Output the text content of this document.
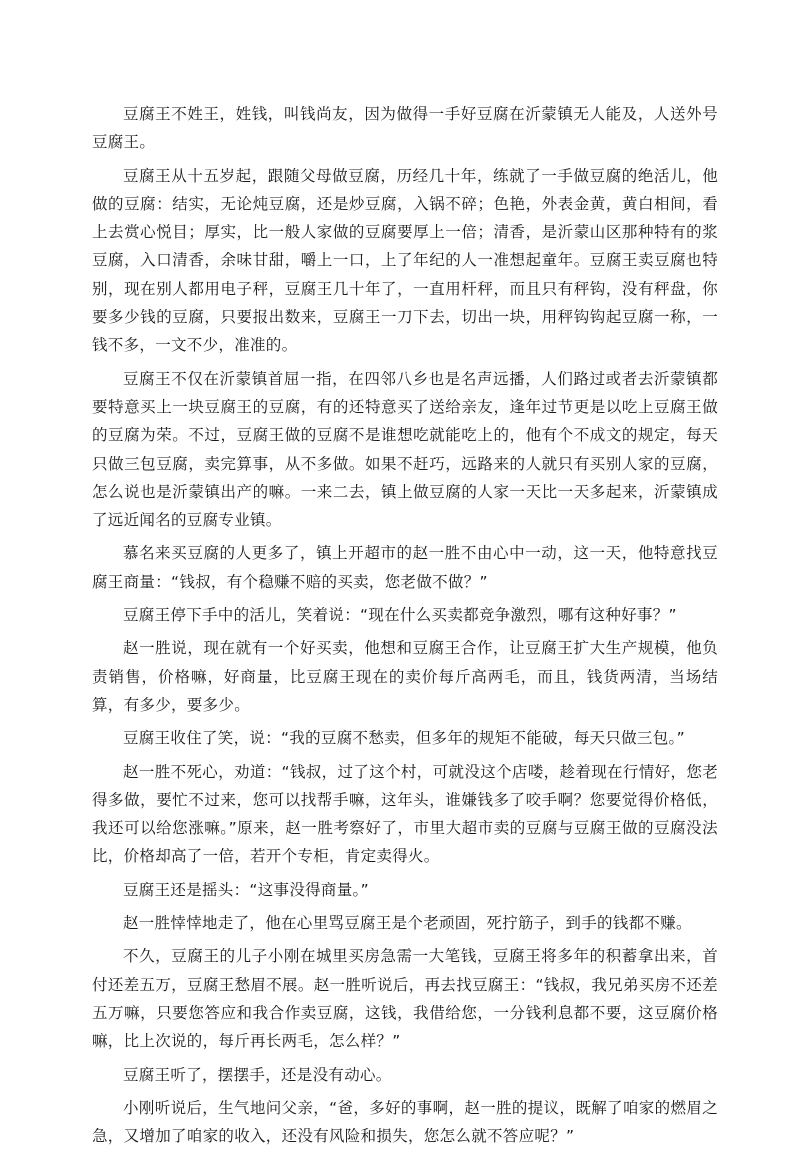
豆腐王不姓王，姓钱，叫钱尚友，因为做得一手好豆腐在沂蒙镇无人能及，人送外号豆腐王。

豆腐王从十五岁起，跟随父母做豆腐，历经几十年，练就了一手做豆腐的绝活儿，他做的豆腐：结实，无论炖豆腐，还是炒豆腐，入锅不碎；色艳，外表金黄，黄白相间，看上去赏心悦目；厚实，比一般人家做的豆腐要厚上一倍；清香，是沂蒙山区那种特有的浆豆腐，入口清香，余味甘甜，嚼上一口，上了年纪的人一准想起童年。豆腐王卖豆腐也特别，现在别人都用电子秤，豆腐王几十年了，一直用杆秤，而且只有秤钩，没有秤盘，你要多少钱的豆腐，只要报出数来，豆腐王一刀下去，切出一块，用秤钩钩起豆腐一称，一钱不多，一文不少，准准的。

豆腐王不仅在沂蒙镇首屈一指，在四邻八乡也是名声远播，人们路过或者去沂蒙镇都要特意买上一块豆腐王的豆腐，有的还特意买了送给亲友，逢年过节更是以吃上豆腐王做的豆腐为荣。不过，豆腐王做的豆腐不是谁想吃就能吃上的，他有个不成文的规定，每天只做三包豆腐，卖完算事，从不多做。如果不赶巧，远路来的人就只有买别人家的豆腐，怎么说也是沂蒙镇出产的嘛。一来二去，镇上做豆腐的人家一天比一天多起来，沂蒙镇成了远近闻名的豆腐专业镇。

慕名来买豆腐的人更多了，镇上开超市的赵一胜不由心中一动，这一天，他特意找豆腐王商量：“钱叔，有个稳赚不赔的买卖，您老做不做？”

豆腐王停下手中的活儿，笑着说：“现在什么买卖都竞争激烈，哪有这种好事？”

赵一胜说，现在就有一个好买卖，他想和豆腐王合作，让豆腐王扩大生产规模，他负责销售，价格嘛，好商量，比豆腐王现在的卖价每斤高两毛，而且，钱货两清，当场结算，有多少，要多少。

豆腐王收住了笑，说：“我的豆腐不愁卖，但多年的规矩不能破，每天只做三包。”

赵一胜不死心，劝道：“钱叔，过了这个村，可就没这个店喽，趁着现在行情好，您老得多做，要忙不过来，您可以找帮手嘛，这年头，谁嫌钱多了咬手啊？您要觉得价格低，我还可以给您涨嘛。”原来，赵一胜考察好了，市里大超市卖的豆腐与豆腐王做的豆腐没法比，价格却高了一倍，若开个专柜，肯定卖得火。

豆腐王还是摇头：“这事没得商量。”

赵一胜悻悻地走了，他在心里骂豆腐王是个老顽固，死拧筋子，到手的钱都不赚。

不久，豆腐王的儿子小刚在城里买房急需一大笔钱，豆腐王将多年的积蓄拿出来，首付还差五万，豆腐王愁眉不展。赵一胜听说后，再去找豆腐王：“钱叔，我兄弟买房不还差五万嘛，只要您答应和我合作卖豆腐，这钱，我借给您，一分钱利息都不要，这豆腐价格嘛，比上次说的，每斤再长两毛，怎么样？”

豆腐王听了，摆摆手，还是没有动心。

小刚听说后，生气地问父亲，“爸，多好的事啊，赵一胜的提议，既解了咱家的燃眉之急，又增加了咱家的收入，还没有风险和损失，您怎么就不答应呢？”
